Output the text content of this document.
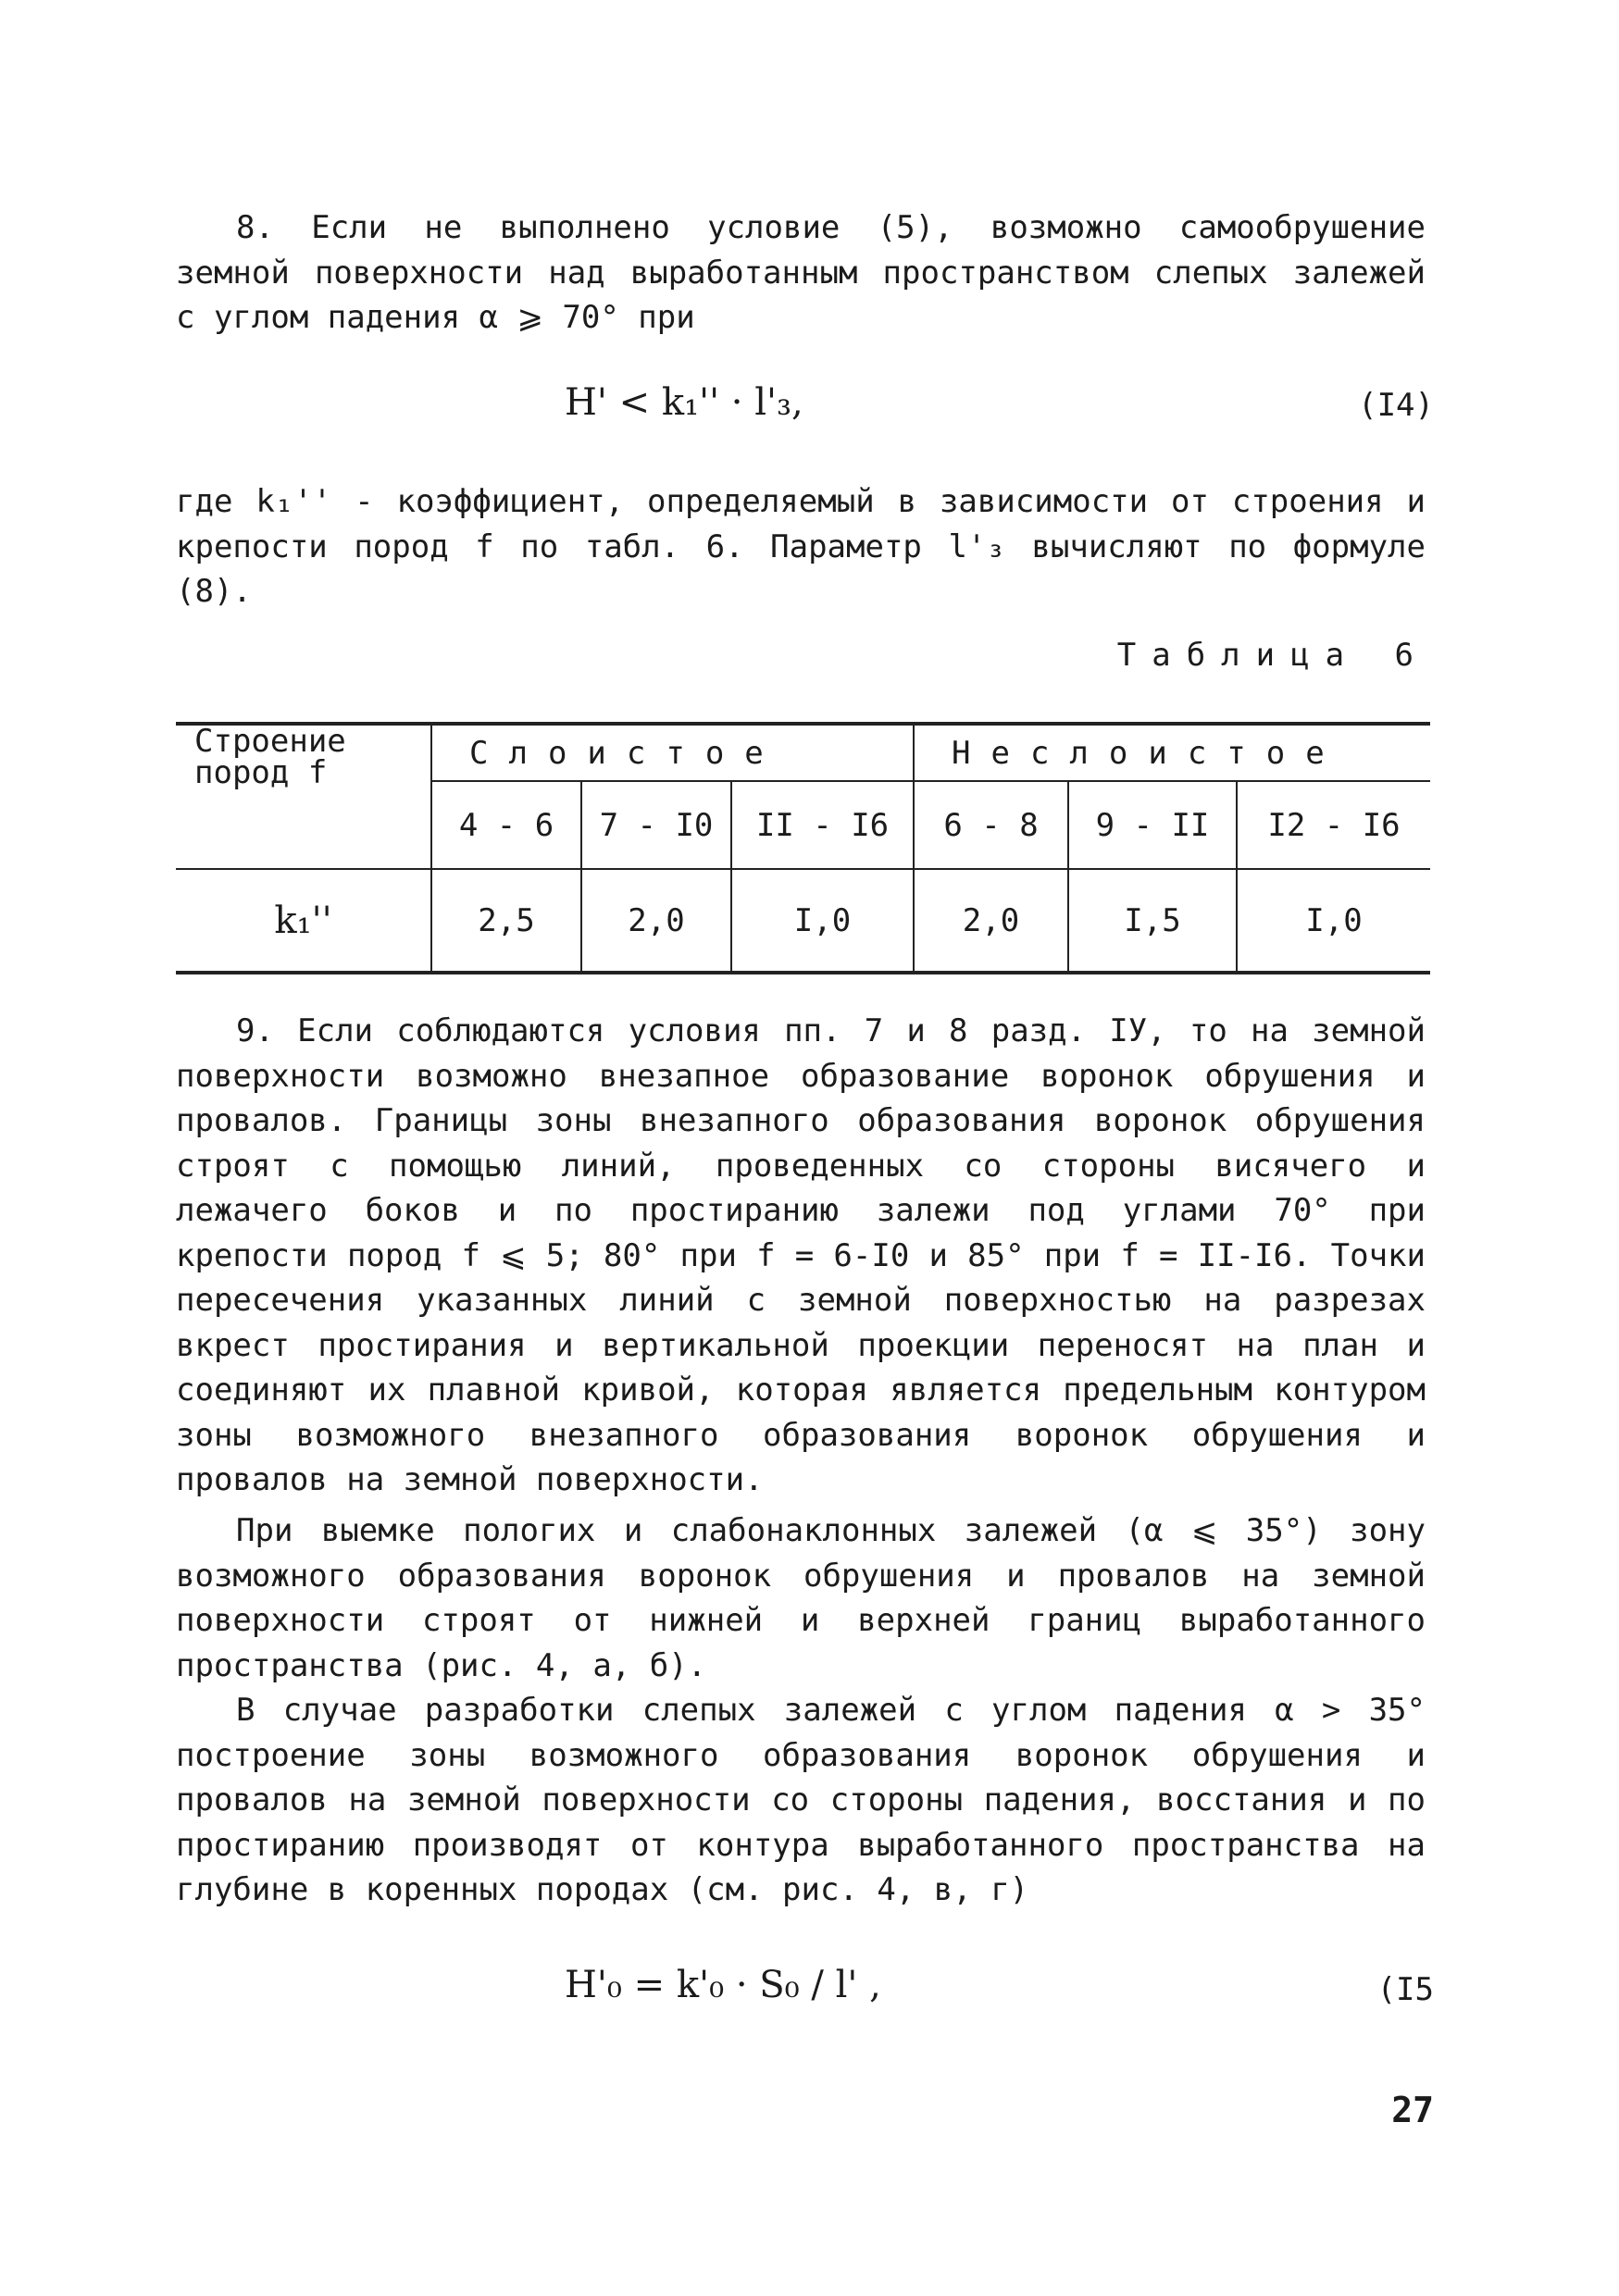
8. Если не выполнено условие (5), возможно самообрушение земной поверхности над выработанным пространством слепых залежей с углом падения α ⩾ 70° при

H' < k₁'' · l'₃,	(I4)

где k₁'' - коэффициент, определяемый в зависимости от строения и крепости пород f по табл. 6. Параметр l'₃ вычисляют по формуле (8).

Таблица 6
Строение пород f	Слоистое			Неслоистое		
	4 - 6	7 - I0	II - I6	6 - 8	9 - II	I2 - I6
k₁''	2,5	2,0	I,0	2,0	I,5	I,0

9. Если соблюдаются условия пп. 7 и 8 разд. IУ, то на земной поверхности возможно внезапное образование воронок обрушения и провалов. Границы зоны внезапного образования воронок обрушения строят с помощью линий, проведенных со стороны висячего и лежачего боков и по простиранию залежи под углами 70° при крепости пород f ⩽ 5; 80° при f = 6-I0 и 85° при f = II-I6. Точки пересечения указанных линий с земной поверхностью на разрезах вкрест простирания и вертикальной проекции переносят на план и соединяют их плавной кривой, которая является предельным контуром зоны возможного внезапного образования воронок обрушения и провалов на земной поверхности.

При выемке пологих и слабонаклонных залежей (α ⩽ 35°) зону возможного образования воронок обрушения и провалов на земной поверхности строят от нижней и верхней границ выработанного пространства (рис. 4, а, б).

В случае разработки слепых залежей с углом падения α > 35° построение зоны возможного образования воронок обрушения и провалов на земной поверхности со стороны падения, восстания и по простиранию производят от контура выработанного пространства на глубине в коренных породах (см. рис. 4, в, г)

H'₀ = k'₀ · S₀ / l' ,	(I5
27
